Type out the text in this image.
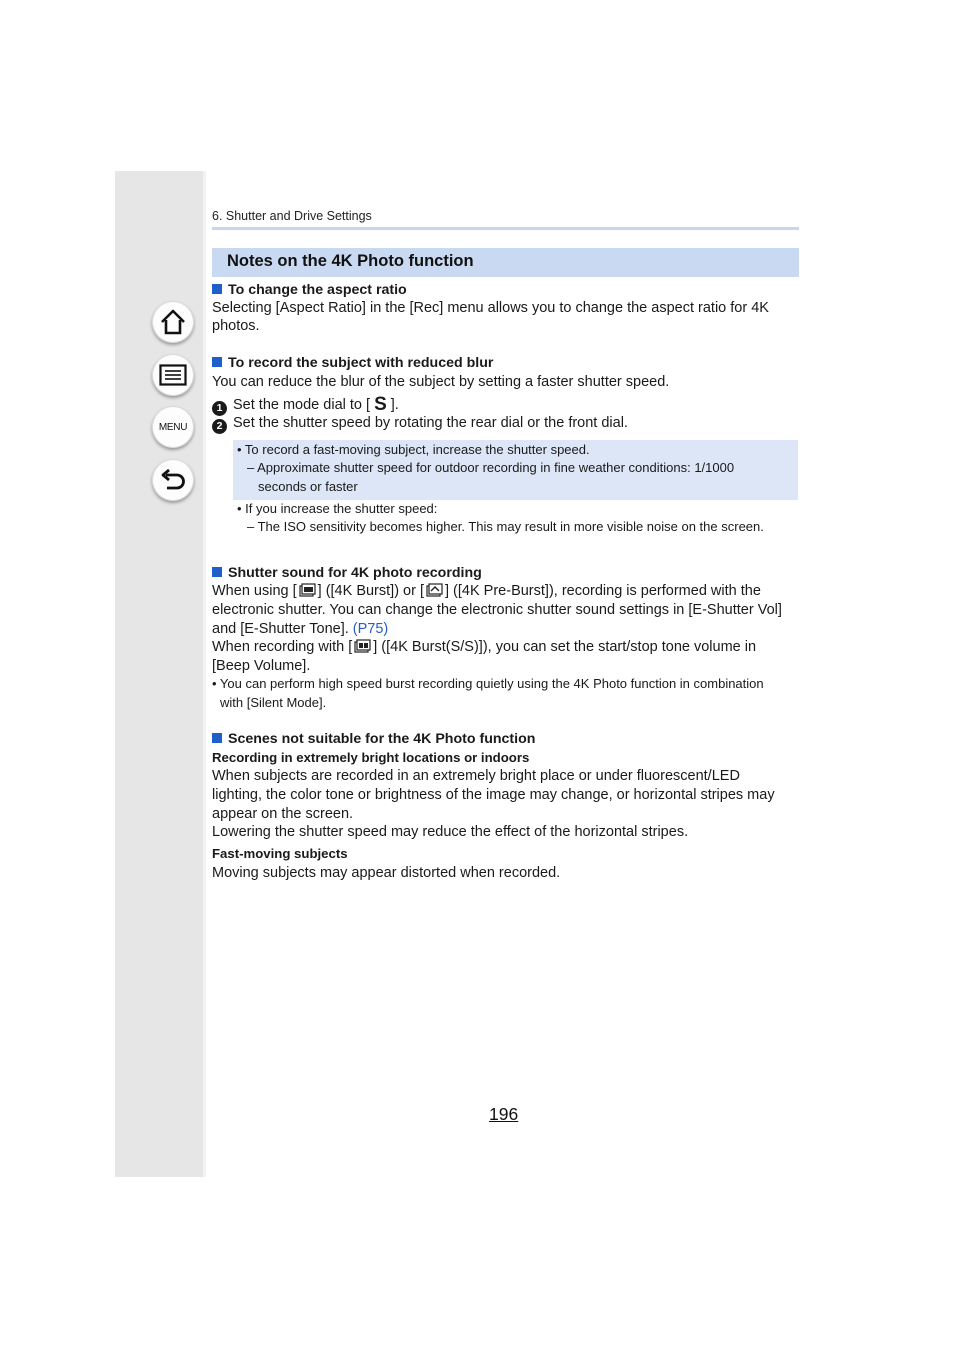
MENU
6. Shutter and Drive Settings
Notes on the 4K Photo function
To change the aspect ratio
Selecting [Aspect Ratio] in the [Rec] menu allows you to change the aspect ratio for 4K
photos.
To record the subject with reduced blur
You can reduce the blur of the subject by setting a faster shutter speed.
1 Set the mode dial to [ S ].
2 Set the shutter speed by rotating the rear dial or the front dial.
• To record a fast-moving subject, increase the shutter speed.
– Approximate shutter speed for outdoor recording in fine weather conditions: 1/1000
seconds or faster
• If you increase the shutter speed:
– The ISO sensitivity becomes higher. This may result in more visible noise on the screen.
Shutter sound for 4K photo recording
When using [ ] ([4K Burst]) or [ ] ([4K Pre-Burst]), recording is performed with the
electronic shutter. You can change the electronic shutter sound settings in [E-Shutter Vol]
and [E-Shutter Tone]. (P75)
When recording with [ ] ([4K Burst(S/S)]), you can set the start/stop tone volume in
[Beep Volume].
• You can perform high speed burst recording quietly using the 4K Photo function in combination
with [Silent Mode].
Scenes not suitable for the 4K Photo function
Recording in extremely bright locations or indoors
When subjects are recorded in an extremely bright place or under fluorescent/LED
lighting, the color tone or brightness of the image may change, or horizontal stripes may
appear on the screen.
Lowering the shutter speed may reduce the effect of the horizontal stripes.
Fast-moving subjects
Moving subjects may appear distorted when recorded.
196
